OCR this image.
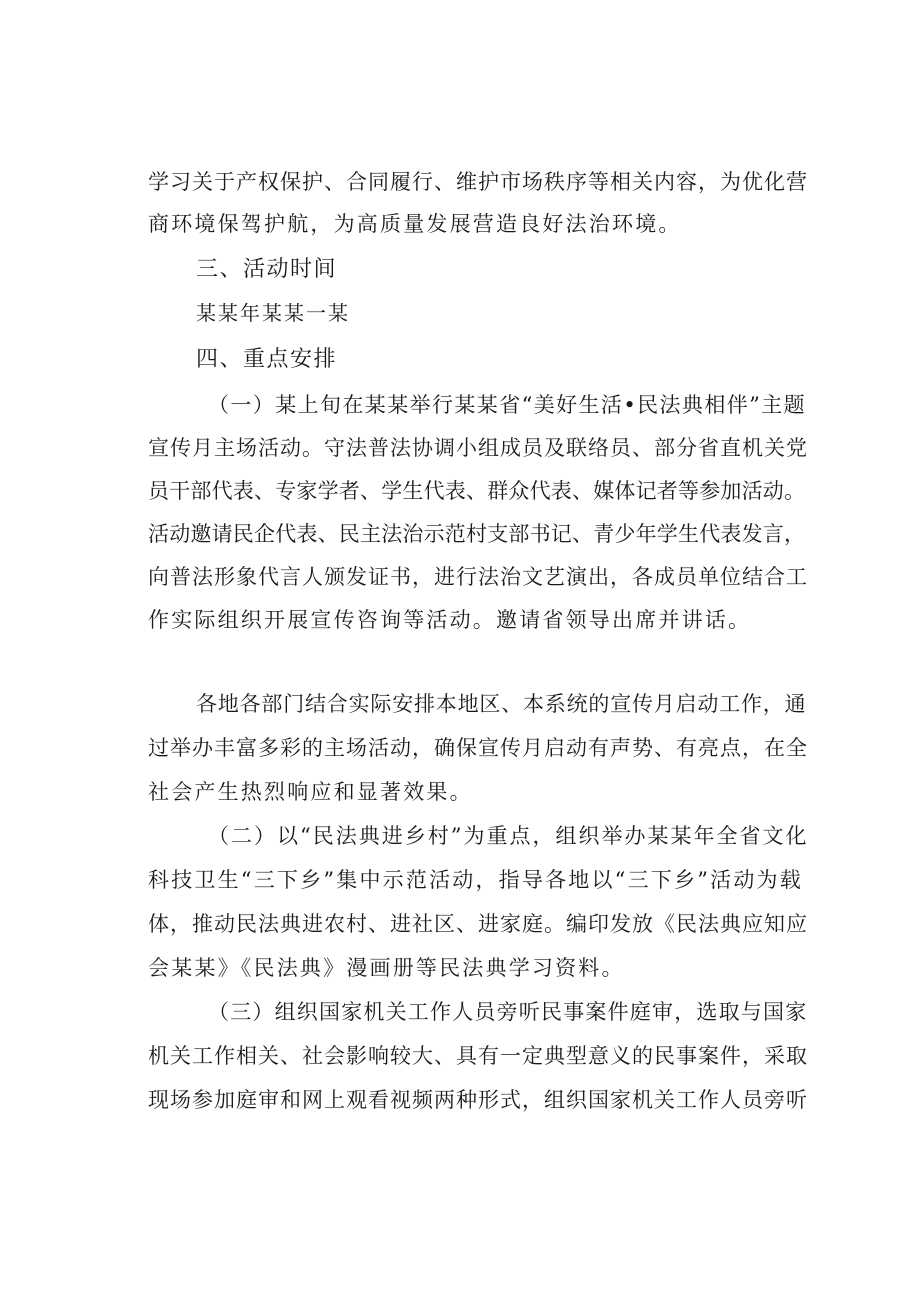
学习关于产权保护、合同履行、维护市场秩序等相关内容，为优化营
商环境保驾护航，为高质量发展营造良好法治环境。
三、活动时间
某某年某某一某
四、重点安排
（一）某上旬在某某举行某某省“美好生活•民法典相伴”主题
宣传月主场活动。守法普法协调小组成员及联络员、部分省直机关党
员干部代表、专家学者、学生代表、群众代表、媒体记者等参加活动。
活动邀请民企代表、民主法治示范村支部书记、青少年学生代表发言，
向普法形象代言人颁发证书，进行法治文艺演出，各成员单位结合工
作实际组织开展宣传咨询等活动。邀请省领导出席并讲话。
各地各部门结合实际安排本地区、本系统的宣传月启动工作，通
过举办丰富多彩的主场活动，确保宣传月启动有声势、有亮点，在全
社会产生热烈响应和显著效果。
（二）以“民法典进乡村”为重点，组织举办某某年全省文化
科技卫生“三下乡”集中示范活动，指导各地以“三下乡”活动为载
体，推动民法典进农村、进社区、进家庭。编印发放《民法典应知应
会某某》《民法典》漫画册等民法典学习资料。
（三）组织国家机关工作人员旁听民事案件庭审，选取与国家
机关工作相关、社会影响较大、具有一定典型意义的民事案件，采取
现场参加庭审和网上观看视频两种形式，组织国家机关工作人员旁听
